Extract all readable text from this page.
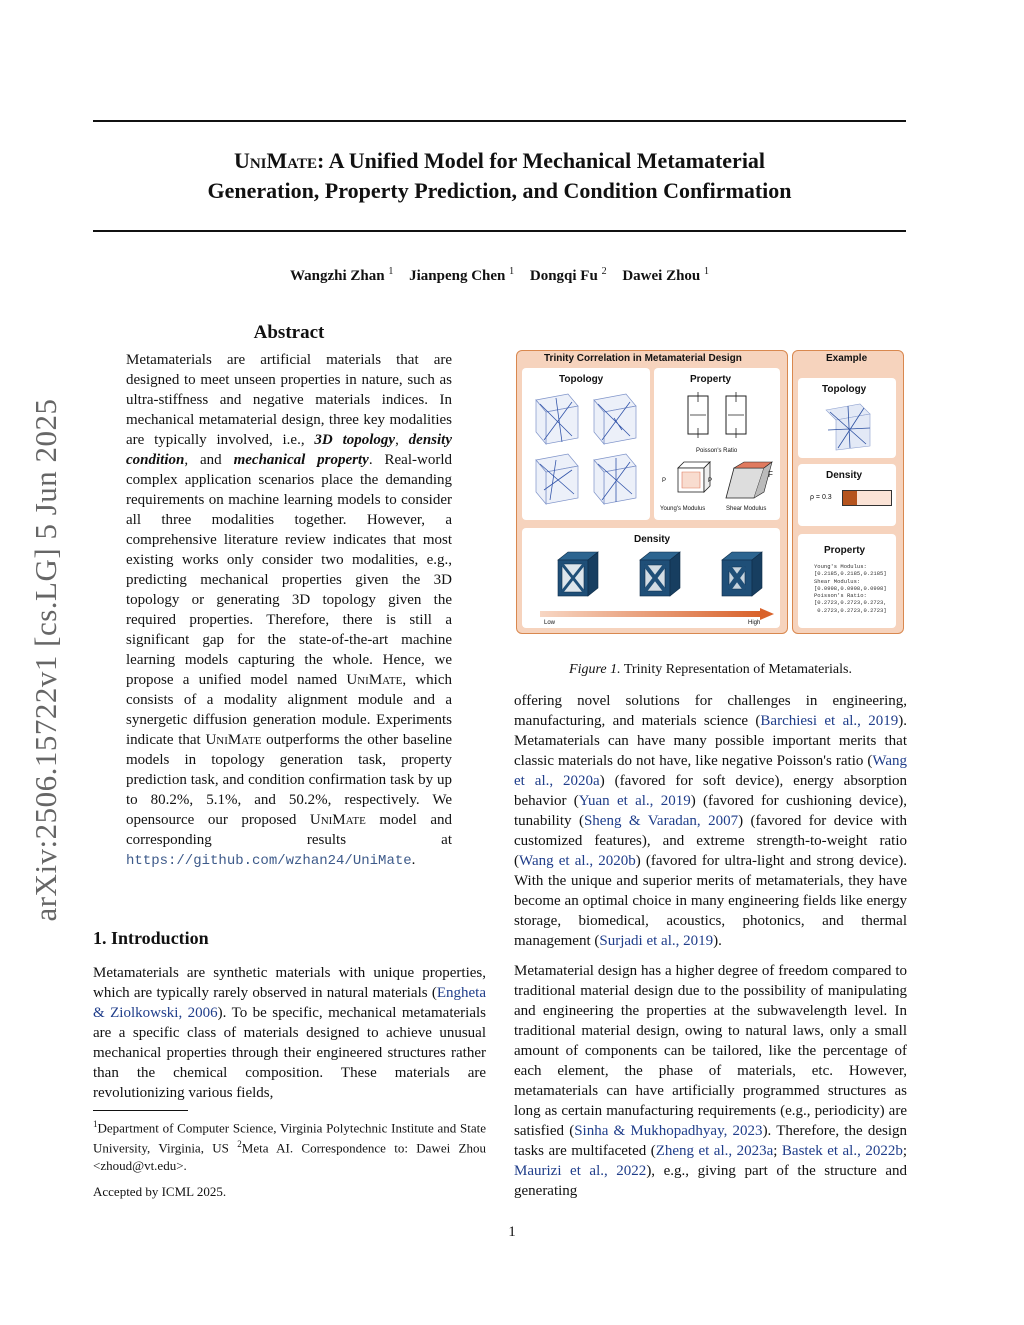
UniMate: A Unified Model for Mechanical Metamaterial
Generation, Property Prediction, and Condition Confirmation
Wangzhi Zhan $^1$ Jianpeng Chen $^1$ Dongqi Fu $^2$ Dawei Zhou $^1$
arXiv:2506.15722v1 [cs.LG] 5 Jun 2025
Abstract
Metamaterials are artificial materials that are designed to meet unseen properties in nature, such as ultra-stiffness and negative materials indices. In mechanical metamaterial design, three key modalities are typically involved, i.e., 3D topology, density condition, and mechanical property. Real-world complex application scenarios place the demanding requirements on machine learning models to consider all three modalities together. However, a comprehensive literature review indicates that most existing works only consider two modalities, e.g., predicting mechanical properties given the 3D topology or generating 3D topology given the required properties. Therefore, there is still a significant gap for the state-of-the-art machine learning models capturing the whole. Hence, we propose a unified model named UniMate, which consists of a modality alignment module and a synergetic diffusion generation module. Experiments indicate that UniMate outperforms the other baseline models in topology generation task, property prediction task, and condition confirmation task by up to 80.2%, 5.1%, and 50.2%, respectively. We opensource our proposed UniMate model and corresponding results at https://github.com/wzhan24/UniMate.
1. Introduction
Metamaterials are synthetic materials with unique properties, which are typically rarely observed in natural materials (Engheta & Ziolkowski, 2006). To be specific, mechanical metamaterials are a specific class of materials designed to achieve unusual mechanical properties through their engineered structures rather than the chemical composition. These materials are revolutionizing various fields,
$^1$Department of Computer Science, Virginia Polytechnic Institute and State University, Virginia, US $^2$Meta AI. Correspondence to: Dawei Zhou <zhoud@vt.edu>.
Accepted by ICML 2025.
1
Trinity Correlation in Metamaterial Design
Topology	Property
Poisson's Ratio
P	P
Young's Modulus
F
Shear Modulus
Density
Low	High
Example
Topology
Density
ρ = 0.3
Property
Young's Modulus:
[0.2185,0.2185,0.2185]
Shear Modulus:
[0.0998,0.0998,0.0998]
Poisson's Ratio:
[0.2723,0.2723,0.2723,
0.2723,0.2723,0.2723]
Figure 1. Trinity Representation of Metamaterials.
offering novel solutions for challenges in engineering, manufacturing, and materials science (Barchiesi et al., 2019). Metamaterials can have many possible important merits that classic materials do not have, like negative Poisson's ratio (Wang et al., 2020a) (favored for soft device), energy absorption behavior (Yuan et al., 2019) (favored for cushioning device), tunability (Sheng & Varadan, 2007) (favored for device with customized features), and extreme strength-to-weight ratio (Wang et al., 2020b) (favored for ultra-light and strong device). With the unique and superior merits of metamaterials, they have become an optimal choice in many engineering fields like energy storage, biomedical, acoustics, photonics, and thermal management (Surjadi et al., 2019).
Metamaterial design has a higher degree of freedom compared to traditional material design due to the possibility of manipulating and engineering the properties at the subwavelength level. In traditional material design, owing to natural laws, only a small amount of components can be tailored, like the percentage of each element, the phase of materials, etc. However, metamaterials can have artificially programmed structures as long as certain manufacturing requirements (e.g., periodicity) are satisfied (Sinha & Mukhopadhyay, 2023). Therefore, the design tasks are multifaceted (Zheng et al., 2023a; Bastek et al., 2022b; Maurizi et al., 2022), e.g., giving part of the structure and generating
